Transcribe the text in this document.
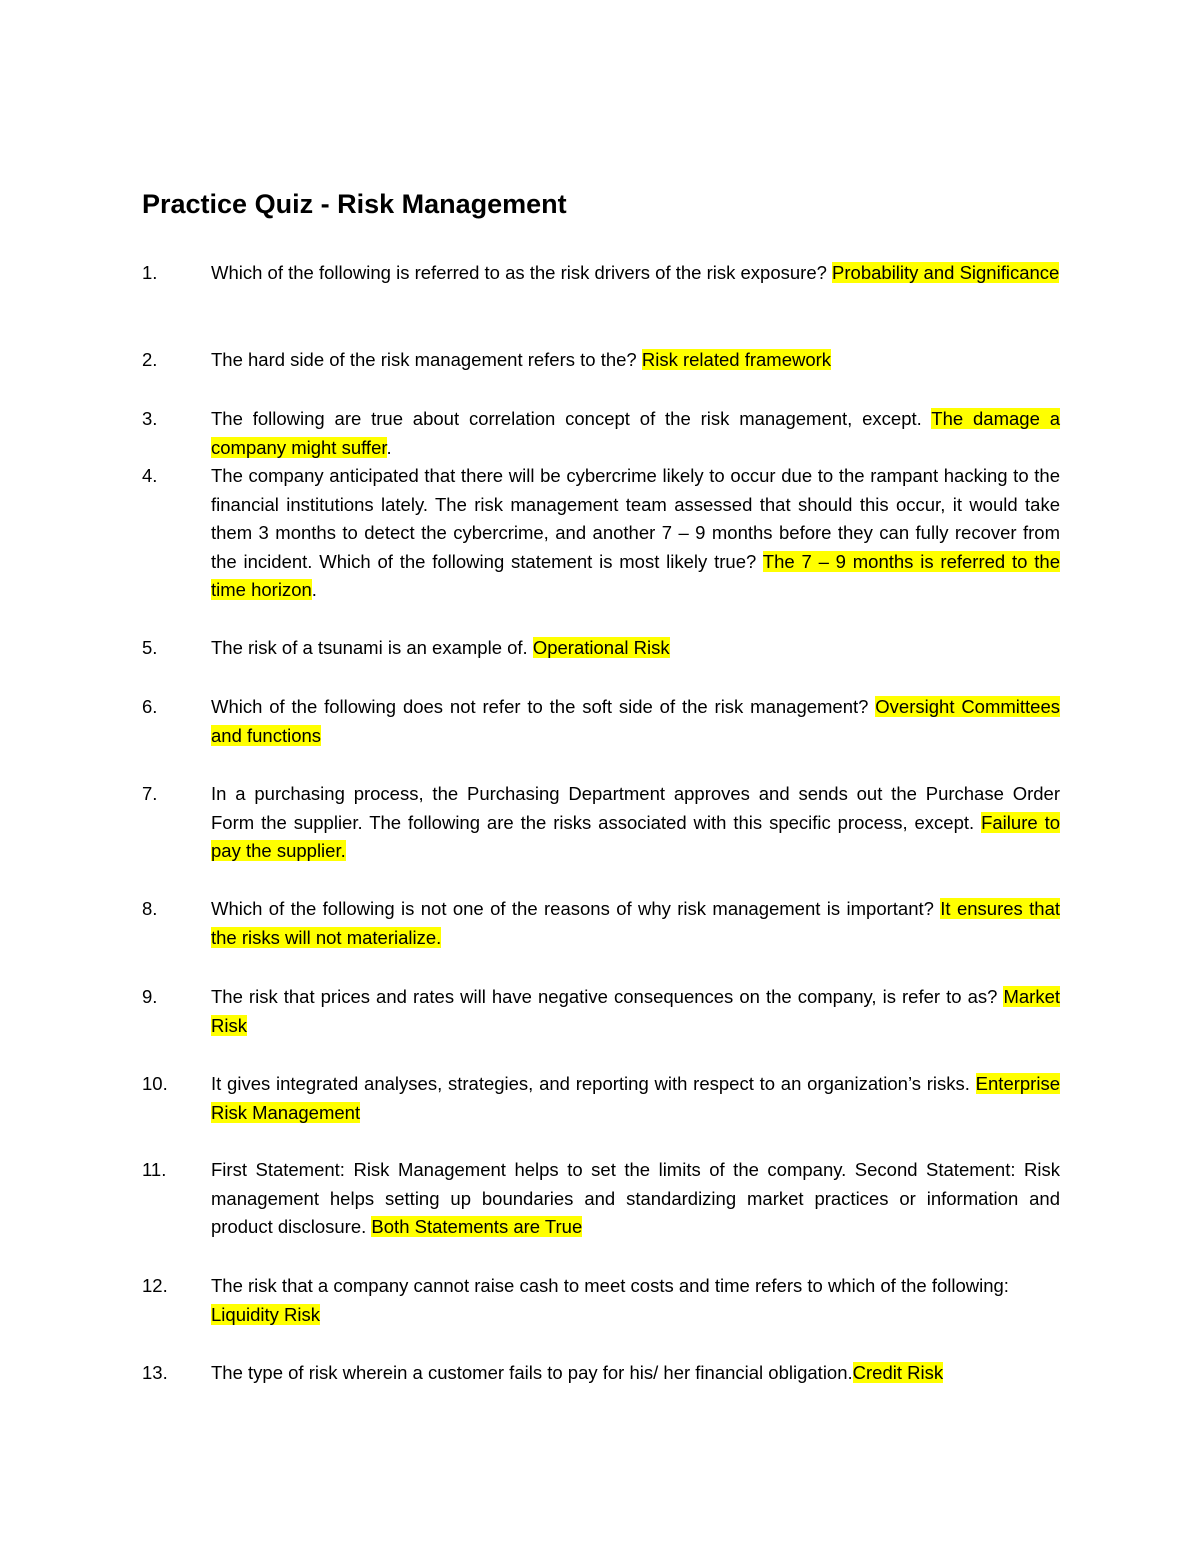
Practice Quiz - Risk Management
1.	Which of the following is referred to as the risk drivers of the risk exposure? Probability and Significance
2.	The hard side of the risk management refers to the? Risk related framework
3.	The following are true about correlation concept of the risk management, except. The damage a company might suffer.
4.	The company anticipated that there will be cybercrime likely to occur due to the rampant hacking to the financial institutions lately. The risk management team assessed that should this occur, it would take them 3 months to detect the cybercrime, and another 7 – 9 months before they can fully recover from the incident. Which of the following statement is most likely true? The 7 – 9 months is referred to the time horizon.
5.	The risk of a tsunami is an example of. Operational Risk
6.	Which of the following does not refer to the soft side of the risk management? Oversight Committees and functions
7.	In a purchasing process, the Purchasing Department approves and sends out the Purchase Order Form the supplier. The following are the risks associated with this specific process, except. Failure to pay the supplier.
8.	Which of the following is not one of the reasons of why risk management is important? It ensures that the risks will not materialize.
9.	The risk that prices and rates will have negative consequences on the company, is refer to as? Market Risk
10.	It gives integrated analyses, strategies, and reporting with respect to an organization’s risks. Enterprise Risk Management
11.	First Statement: Risk Management helps to set the limits of the company. Second Statement: Risk management helps setting up boundaries and standardizing market practices or information and product disclosure. Both Statements are True
12.	The risk that a company cannot raise cash to meet costs and time refers to which of the following: Liquidity Risk
13.	The type of risk wherein a customer fails to pay for his/ her financial obligation.Credit Risk
